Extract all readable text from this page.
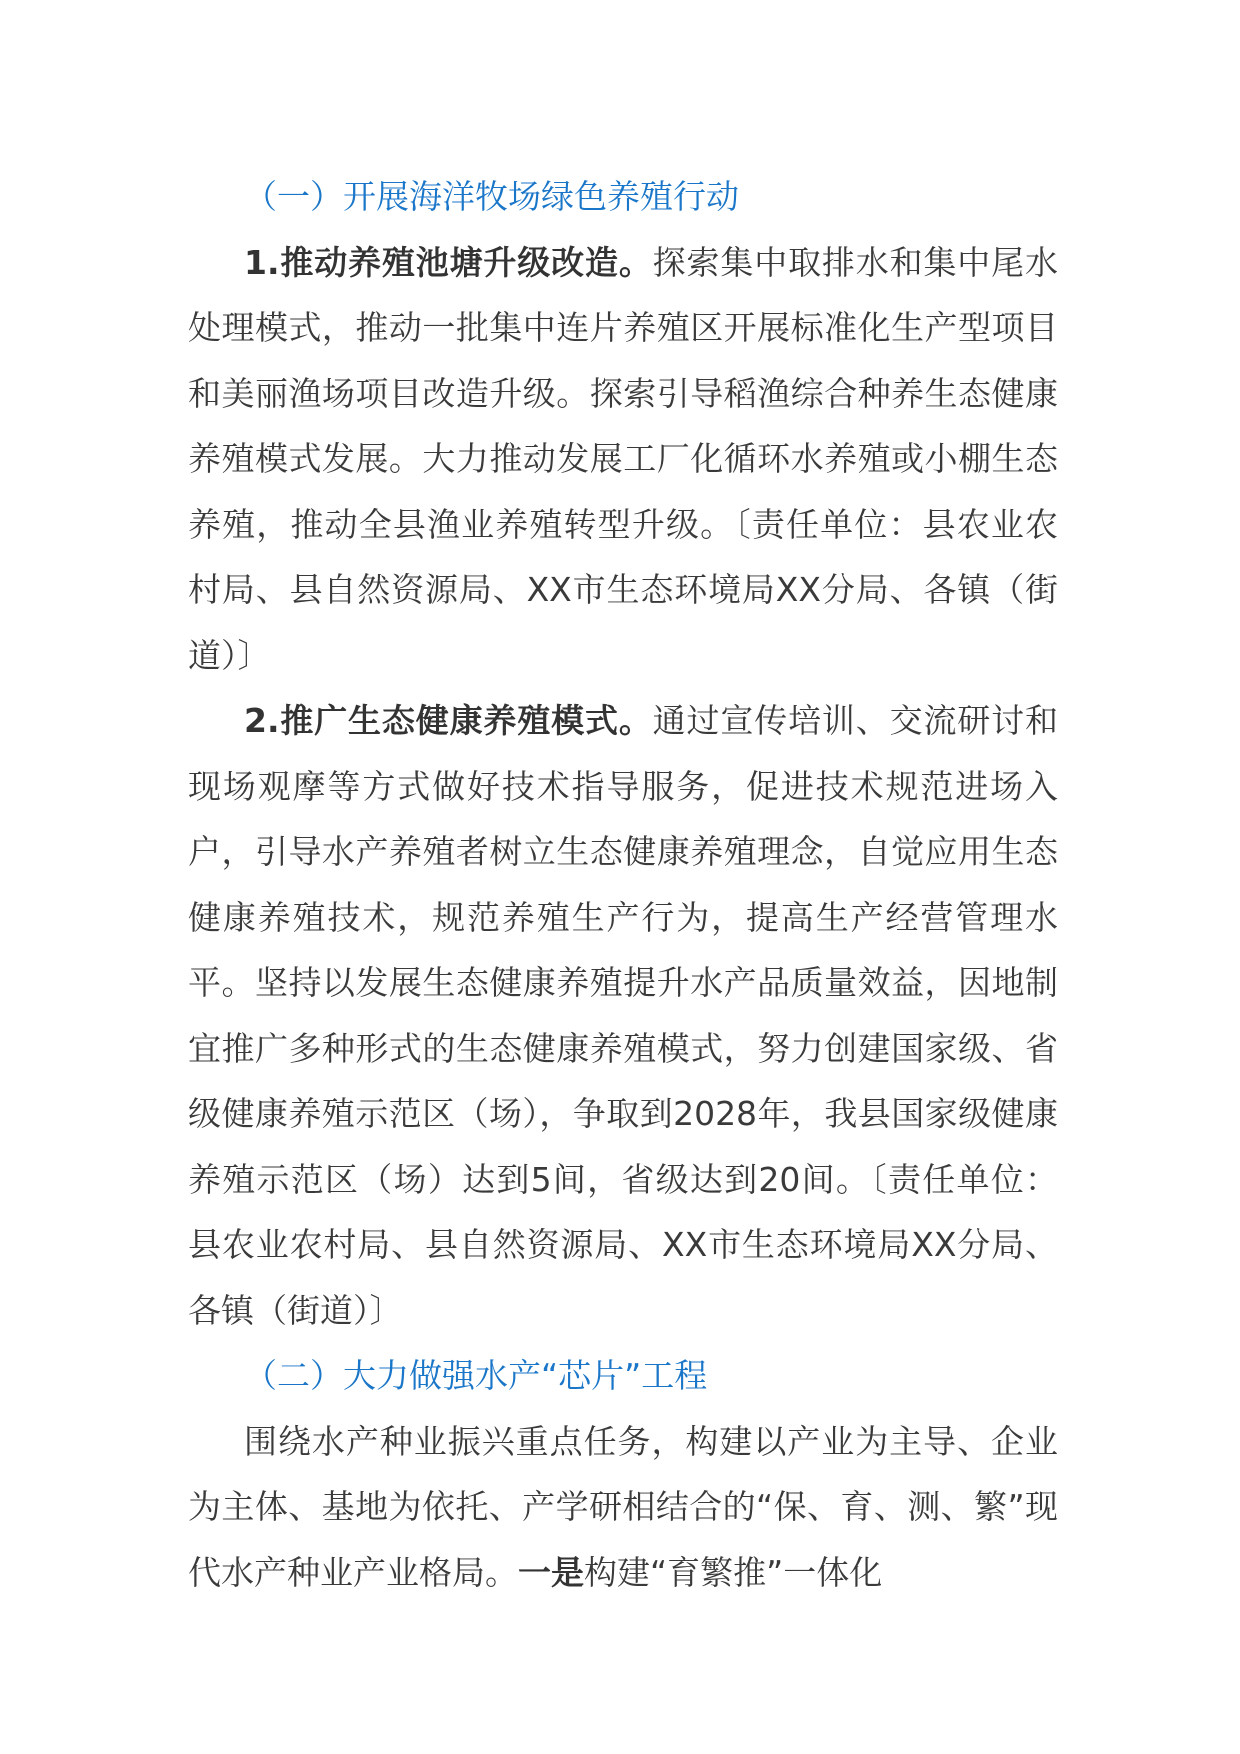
（一）开展海洋牧场绿色养殖行动

1.推动养殖池塘升级改造。探索集中取排水和集中尾水处理模式，推动一批集中连片养殖区开展标准化生产型项目和美丽渔场项目改造升级。探索引导稻渔综合种养生态健康养殖模式发展。大力推动发展工厂化循环水养殖或小棚生态养殖，推动全县渔业养殖转型升级。〔责任单位：县农业农村局、县自然资源局、XX市生态环境局XX分局、各镇（街道）〕

2.推广生态健康养殖模式。通过宣传培训、交流研讨和现场观摩等方式做好技术指导服务，促进技术规范进场入户，引导水产养殖者树立生态健康养殖理念，自觉应用生态健康养殖技术，规范养殖生产行为，提高生产经营管理水平。坚持以发展生态健康养殖提升水产品质量效益，因地制宜推广多种形式的生态健康养殖模式，努力创建国家级、省级健康养殖示范区（场），争取到2028年，我县国家级健康养殖示范区（场）达到5间，省级达到20间。〔责任单位：县农业农村局、县自然资源局、XX市生态环境局XX分局、各镇（街道）〕

（二）大力做强水产“芯片”工程

围绕水产种业振兴重点任务，构建以产业为主导、企业为主体、基地为依托、产学研相结合的“保、育、测、繁”现代水产种业产业格局。一是构建“育繁推”一体化
